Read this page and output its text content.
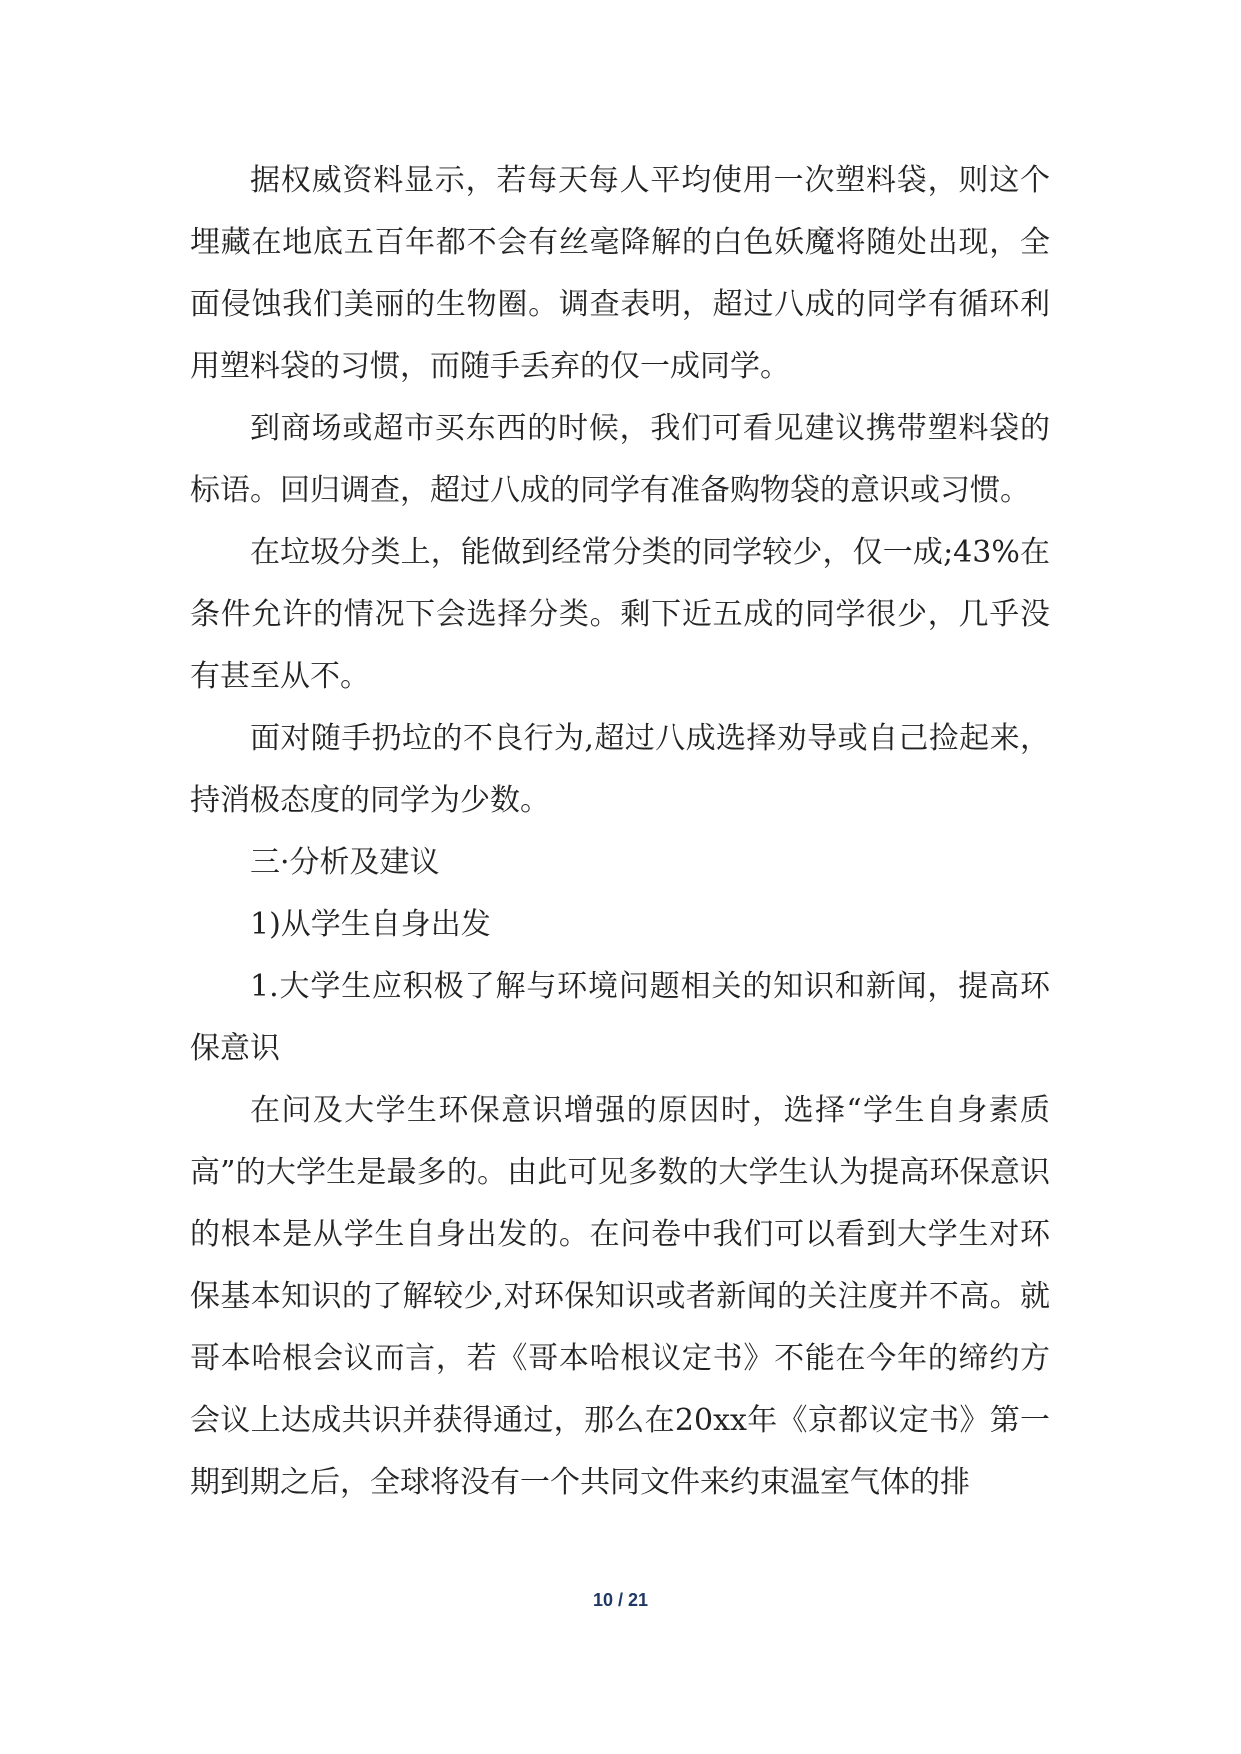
据权威资料显示，若每天每人平均使用一次塑料袋，则这个埋藏在地底五百年都不会有丝毫降解的白色妖魔将随处出现，全面侵蚀我们美丽的生物圈。调查表明，超过八成的同学有循环利用塑料袋的习惯，而随手丢弃的仅一成同学。

到商场或超市买东西的时候，我们可看见建议携带塑料袋的标语。回归调查，超过八成的同学有准备购物袋的意识或习惯。

在垃圾分类上，能做到经常分类的同学较少，仅一成;43%在条件允许的情况下会选择分类。剩下近五成的同学很少，几乎没有甚至从不。

面对随手扔垃的不良行为,超过八成选择劝导或自己捡起来，持消极态度的同学为少数。

三·分析及建议

1)从学生自身出发

1.大学生应积极了解与环境问题相关的知识和新闻，提高环保意识

在问及大学生环保意识增强的原因时，选择“学生自身素质高”的大学生是最多的。由此可见多数的大学生认为提高环保意识的根本是从学生自身出发的。在问卷中我们可以看到大学生对环保基本知识的了解较少,对环保知识或者新闻的关注度并不高。就哥本哈根会议而言，若《哥本哈根议定书》不能在今年的缔约方会议上达成共识并获得通过，那么在20xx年《京都议定书》第一期到期之后，全球将没有一个共同文件来约束温室气体的排

10 / 21
